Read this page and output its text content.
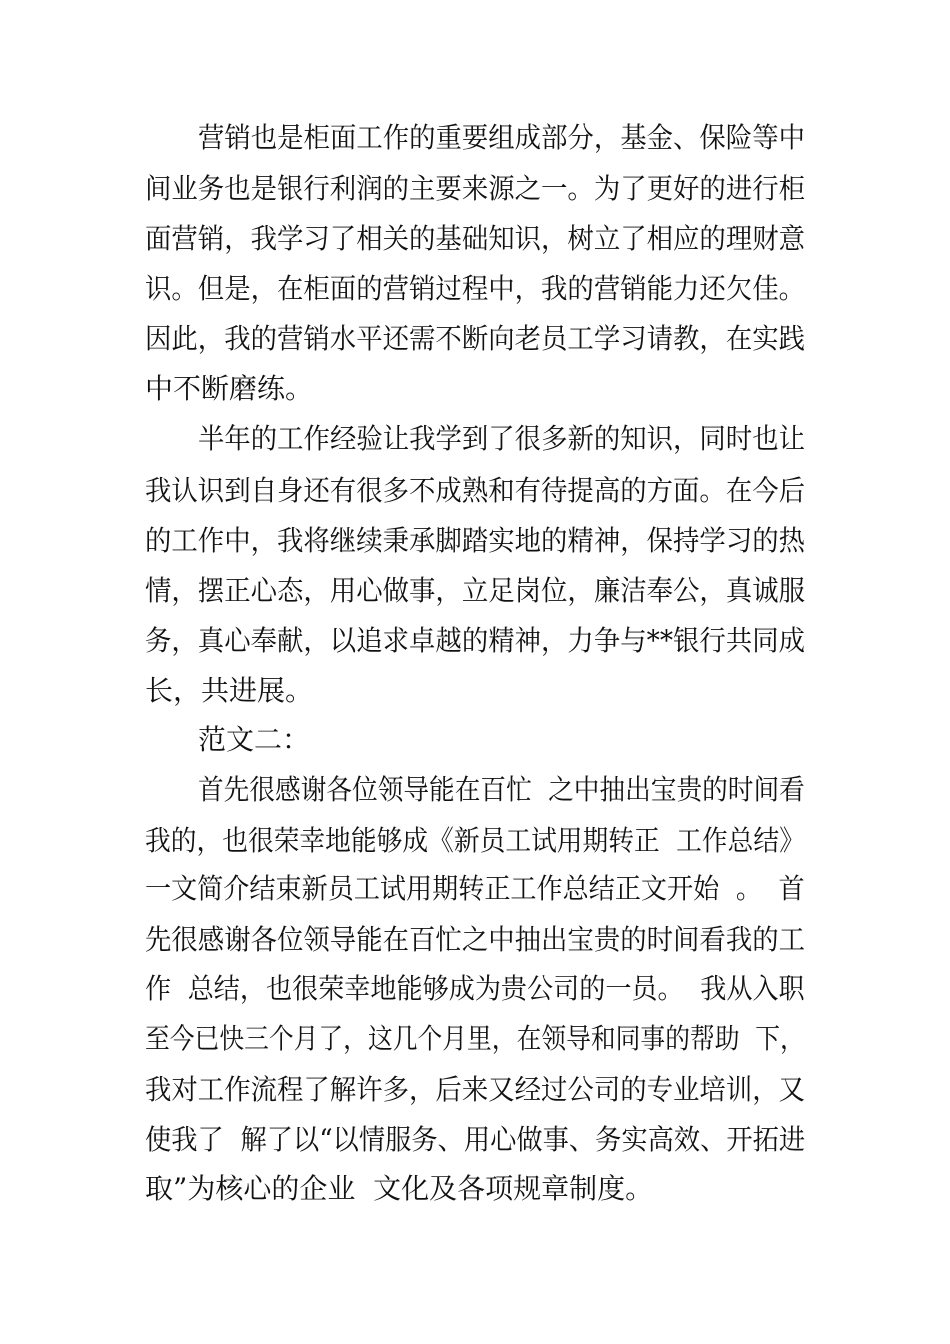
营销也是柜面工作的重要组成部分，基金、保险等中
间业务也是银行利润的主要来源之一。为了更好的进行柜
面营销，我学习了相关的基础知识，树立了相应的理财意
识。但是，在柜面的营销过程中，我的营销能力还欠佳。
因此，我的营销水平还需不断向老员工学习请教，在实践
中不断磨练。
半年的工作经验让我学到了很多新的知识，同时也让
我认识到自身还有很多不成熟和有待提高的方面。在今后
的工作中，我将继续秉承脚踏实地的精神，保持学习的热
情，摆正心态，用心做事，立足岗位，廉洁奉公，真诚服
务，真心奉献，以追求卓越的精神，力争与**银行共同成
长，共进展。
范文二：
首先很感谢各位领导能在百忙  之中抽出宝贵的时间看
我的，也很荣幸地能够成《新员工试用期转正  工作总结》
一文简介结束新员工试用期转正工作总结正文开始  。  首
先很感谢各位领导能在百忙之中抽出宝贵的时间看我的工
作  总结，也很荣幸地能够成为贵公司的一员。  我从入职
至今已快三个月了，这几个月里，在领导和同事的帮助  下，
我对工作流程了解许多，后来又经过公司的专业培训，又
使我了  解了以“以情服务、用心做事、务实高效、开拓进
取”为核心的企业  文化及各项规章制度。
